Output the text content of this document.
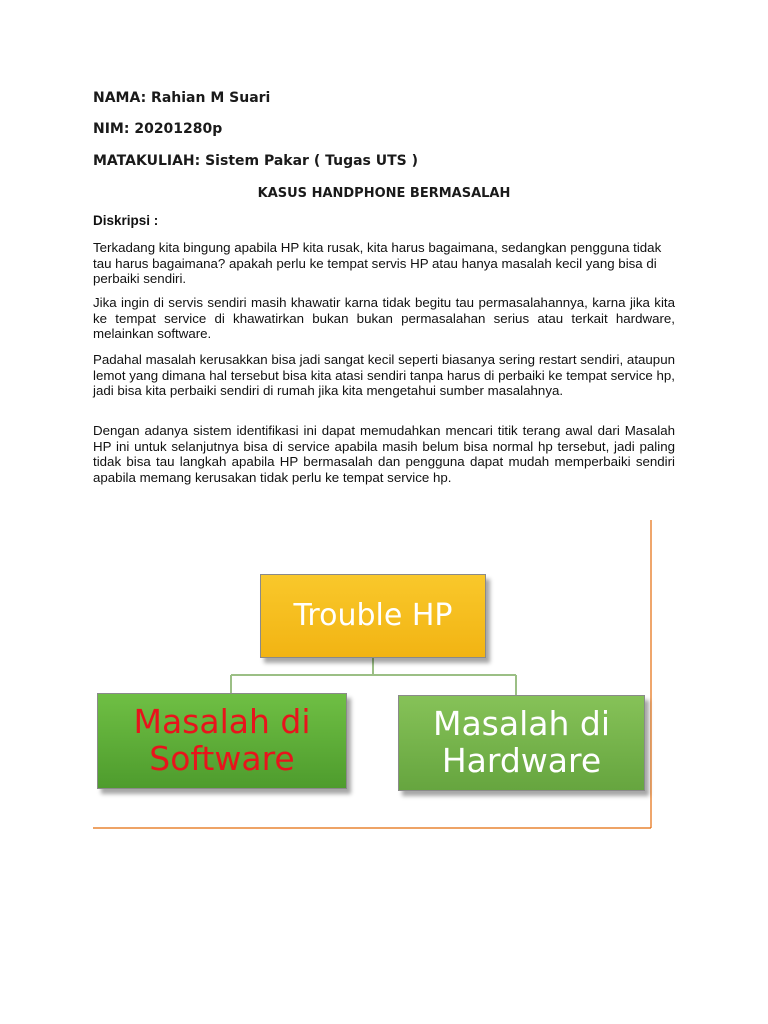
NAMA: Rahian M Suari
NIM: 20201280p
MATAKULIAH: Sistem Pakar ( Tugas UTS )
KASUS HANDPHONE BERMASALAH
Diskripsi :

Terkadang kita bingung apabila HP kita rusak, kita harus bagaimana, sedangkan pengguna tidak tau harus bagaimana? apakah perlu ke tempat servis HP atau hanya masalah kecil yang bisa di perbaiki sendiri.

Jika ingin di servis sendiri masih khawatir karna tidak begitu tau permasalahannya, karna jika kita ke tempat service di khawatirkan bukan bukan permasalahan serius atau terkait hardware, melainkan software.

Padahal masalah kerusakkan bisa jadi sangat kecil seperti biasanya sering restart sendiri, ataupun lemot yang dimana hal tersebut bisa kita atasi sendiri tanpa harus di perbaiki ke tempat service hp, jadi bisa kita perbaiki sendiri di rumah jika kita mengetahui sumber masalahnya.

Dengan adanya sistem identifikasi ini dapat memudahkan mencari titik terang awal dari Masalah HP ini untuk selanjutnya bisa di service apabila masih belum bisa normal hp tersebut, jadi paling tidak bisa tau langkah apabila HP bermasalah dan pengguna dapat mudah memperbaiki sendiri apabila memang kerusakan tidak perlu ke tempat service hp.

Trouble HP
Masalah di
Software
Masalah di
Hardware
